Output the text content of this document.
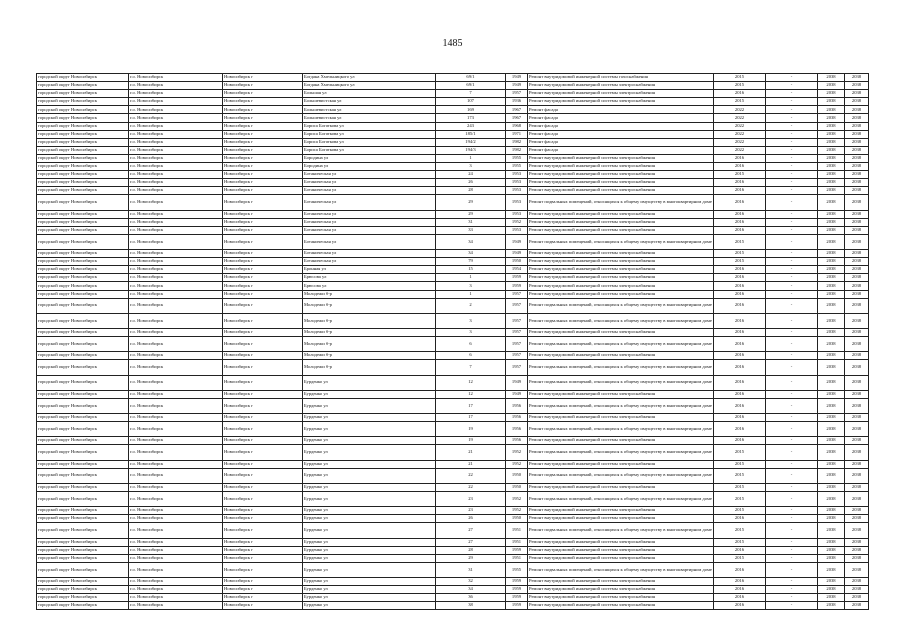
1485
городской округ Новосибирск	г.о. Новосибирск	Новосибирск г	Богдана Хмельницкого ул	69/1	1949	Ремонт внутридомовой инженерной системы газоснабжения	2015	-	2038	2038
городской округ Новосибирск	г.о. Новосибирск	Новосибирск г	Богдана Хмельницкого ул	69/1	1949	Ремонт внутридомовой инженерной системы электроснабжения	2015	-	2038	2038
городской округ Новосибирск	г.о. Новосибирск	Новосибирск г	Большая ул	7	1957	Ремонт внутридомовой инженерной системы электроснабжения	2016	-	2038	2038
городской округ Новосибирск	г.о. Новосибирск	Новосибирск г	Большевистская ул	107	1936	Ремонт внутридомовой инженерной системы электроснабжения	2015	-	2038	2038
городской округ Новосибирск	г.о. Новосибирск	Новосибирск г	Большевистская ул	169	1967	Ремонт фасада	2022	-	2038	2038
городской округ Новосибирск	г.о. Новосибирск	Новосибирск г	Большевистская ул	173	1967	Ремонт фасада	2022	-	2038	2038
городской округ Новосибирск	г.о. Новосибирск	Новосибирск г	Бориса Богаткова ул	243	1968	Ремонт фасада	2022	-	2038	2038
городской округ Новосибирск	г.о. Новосибирск	Новосибирск г	Бориса Богаткова ул	185/1	1971	Ремонт фасада	2022	-	2038	2038
городской округ Новосибирск	г.о. Новосибирск	Новосибирск г	Бориса Богаткова ул	194/2	1982	Ремонт фасада	2022	-	2038	2038
городской округ Новосибирск	г.о. Новосибирск	Новосибирск г	Бориса Богаткова ул	194/3	1982	Ремонт фасада	2022	-	2038	2038
городской округ Новосибирск	г.о. Новосибирск	Новосибирск г	Бородина ул	1	1955	Ремонт внутридомовой инженерной системы электроснабжения	2016	-	2038	2038
городской округ Новосибирск	г.о. Новосибирск	Новосибирск г	Бородина ул	3	1955	Ремонт внутридомовой инженерной системы электроснабжения	2016	-	2038	2038
городской округ Новосибирск	г.о. Новосибирск	Новосибирск г	Ботаническая ул	24	1953	Ремонт внутридомовой инженерной системы электроснабжения	2015	-	2038	2038
городской округ Новосибирск	г.о. Новосибирск	Новосибирск г	Ботаническая ул	26	1953	Ремонт внутридомовой инженерной системы электроснабжения	2016	-	2038	2038
городской округ Новосибирск	г.о. Новосибирск	Новосибирск г	Ботаническая ул	28	1953	Ремонт внутридомовой инженерной системы электроснабжения	2016	-	2038	2038
городской округ Новосибирск	г.о. Новосибирск	Новосибирск г	Ботаническая ул	29	1953	Ремонт подвальных помещений, относящихся к общему имуществу в многоквартирном доме	2016	-	2038	2038
городской округ Новосибирск	г.о. Новосибирск	Новосибирск г	Ботаническая ул	29	1953	Ремонт внутридомовой инженерной системы электроснабжения	2016	-	2038	2038
городской округ Новосибирск	г.о. Новосибирск	Новосибирск г	Ботаническая ул	31	1952	Ремонт внутридомовой инженерной системы электроснабжения	2016	-	2038	2038
городской округ Новосибирск	г.о. Новосибирск	Новосибирск г	Ботаническая ул	33	1953	Ремонт внутридомовой инженерной системы электроснабжения	2016	-	2038	2038
городской округ Новосибирск	г.о. Новосибирск	Новосибирск г	Ботаническая ул	34	1949	Ремонт подвальных помещений, относящихся к общему имуществу в многоквартирном доме	2015	-	2038	2038
городской округ Новосибирск	г.о. Новосибирск	Новосибирск г	Ботаническая ул	34	1949	Ремонт внутридомовой инженерной системы электроснабжения	2015	-	2038	2038
городской округ Новосибирск	г.о. Новосибирск	Новосибирск г	Ботаническая ул	79	1950	Ремонт внутридомовой инженерной системы электроснабжения	2015	-	2038	2038
городской округ Новосибирск	г.о. Новосибирск	Новосибирск г	Бронная ул	15	1954	Ремонт внутридомовой инженерной системы электроснабжения	2016	-	2038	2038
городской округ Новосибирск	г.о. Новосибирск	Новосибирск г	Брюсова ул	1	1959	Ремонт внутридомовой инженерной системы электроснабжения	2016	-	2038	2038
городской округ Новосибирск	г.о. Новосибирск	Новосибирск г	Брюсова ул	3	1959	Ремонт внутридомовой инженерной системы электроснабжения	2016	-	2038	2038
городской округ Новосибирск	г.о. Новосибирск	Новосибирск г	Молодежи б-р	1	1957	Ремонт внутридомовой инженерной системы электроснабжения	2016	-	2038	2038
городской округ Новосибирск	г.о. Новосибирск	Новосибирск г	Молодежи б-р	2	1957	Ремонт подвальных помещений, относящихся к общему имуществу в многоквартирном доме	2016	-	2038	2038
городской округ Новосибирск	г.о. Новосибирск	Новосибирск г	Молодежи б-р	3	1957	Ремонт подвальных помещений, относящихся к общему имуществу в многоквартирном доме	2016	-	2038	2038
городской округ Новосибирск	г.о. Новосибирск	Новосибирск г	Молодежи б-р	3	1957	Ремонт внутридомовой инженерной системы электроснабжения	2016	-	2038	2038
городской округ Новосибирск	г.о. Новосибирск	Новосибирск г	Молодежи б-р	6	1957	Ремонт подвальных помещений, относящихся к общему имуществу в многоквартирном доме	2016	-	2038	2038
городской округ Новосибирск	г.о. Новосибирск	Новосибирск г	Молодежи б-р	6	1957	Ремонт внутридомовой инженерной системы электроснабжения	2016	-	2038	2038
городской округ Новосибирск	г.о. Новосибирск	Новосибирск г	Молодежи б-р	7	1957	Ремонт подвальных помещений, относящихся к общему имуществу в многоквартирном доме	2016	-	2038	2038
городской округ Новосибирск	г.о. Новосибирск	Новосибирск г	Бурденко ул	12	1949	Ремонт подвальных помещений, относящихся к общему имуществу в многоквартирном доме	2016	-	2038	2038
городской округ Новосибирск	г.о. Новосибирск	Новосибирск г	Бурденко ул	12	1949	Ремонт внутридомовой инженерной системы электроснабжения	2016	-	2038	2038
городской округ Новосибирск	г.о. Новосибирск	Новосибирск г	Бурденко ул	17	1956	Ремонт подвальных помещений, относящихся к общему имуществу в многоквартирном доме	2016	-	2038	2038
городской округ Новосибирск	г.о. Новосибирск	Новосибирск г	Бурденко ул	17	1956	Ремонт внутридомовой инженерной системы электроснабжения	2016	-	2038	2038
городской округ Новосибирск	г.о. Новосибирск	Новосибирск г	Бурденко ул	19	1956	Ремонт подвальных помещений, относящихся к общему имуществу в многоквартирном доме	2016	-	2038	2038
городской округ Новосибирск	г.о. Новосибирск	Новосибирск г	Бурденко ул	19	1956	Ремонт внутридомовой инженерной системы электроснабжения	2016	-	2038	2038
городской округ Новосибирск	г.о. Новосибирск	Новосибирск г	Бурденко ул	21	1952	Ремонт подвальных помещений, относящихся к общему имуществу в многоквартирном доме	2015	-	2038	2038
городской округ Новосибирск	г.о. Новосибирск	Новосибирск г	Бурденко ул	21	1952	Ремонт внутридомовой инженерной системы электроснабжения	2015	-	2038	2038
городской округ Новосибирск	г.о. Новосибирск	Новосибирск г	Бурденко ул	22	1950	Ремонт подвальных помещений, относящихся к общему имуществу в многоквартирном доме	2015	-	2038	2038
городской округ Новосибирск	г.о. Новосибирск	Новосибирск г	Бурденко ул	22	1950	Ремонт внутридомовой инженерной системы электроснабжения	2015	-	2038	2038
городской округ Новосибирск	г.о. Новосибирск	Новосибирск г	Бурденко ул	23	1952	Ремонт подвальных помещений, относящихся к общему имуществу в многоквартирном доме	2015	-	2038	2038
городской округ Новосибирск	г.о. Новосибирск	Новосибирск г	Бурденко ул	23	1952	Ремонт внутридомовой инженерной системы электроснабжения	2015	-	2038	2038
городской округ Новосибирск	г.о. Новосибирск	Новосибирск г	Бурденко ул	26	1950	Ремонт внутридомовой инженерной системы электроснабжения	2016	-	2038	2038
городской округ Новосибирск	г.о. Новосибирск	Новосибирск г	Бурденко ул	27	1951	Ремонт подвальных помещений, относящихся к общему имуществу в многоквартирном доме	2015	-	2038	2038
городской округ Новосибирск	г.о. Новосибирск	Новосибирск г	Бурденко ул	27	1951	Ремонт внутридомовой инженерной системы электроснабжения	2015	-	2038	2038
городской округ Новосибирск	г.о. Новосибирск	Новосибирск г	Бурденко ул	28	1959	Ремонт внутридомовой инженерной системы электроснабжения	2016	-	2038	2038
городской округ Новосибирск	г.о. Новосибирск	Новосибирск г	Бурденко ул	29	1951	Ремонт внутридомовой инженерной системы электроснабжения	2015	-	2038	2038
городской округ Новосибирск	г.о. Новосибирск	Новосибирск г	Бурденко ул	31	1955	Ремонт подвальных помещений, относящихся к общему имуществу в многоквартирном доме	2016	-	2038	2038
городской округ Новосибирск	г.о. Новосибирск	Новосибирск г	Бурденко ул	32	1959	Ремонт внутридомовой инженерной системы электроснабжения	2016	-	2038	2038
городской округ Новосибирск	г.о. Новосибирск	Новосибирск г	Бурденко ул	34	1959	Ремонт внутридомовой инженерной системы электроснабжения	2016	-	2038	2038
городской округ Новосибирск	г.о. Новосибирск	Новосибирск г	Бурденко ул	36	1959	Ремонт внутридомовой инженерной системы электроснабжения	2016	-	2038	2038
городской округ Новосибирск	г.о. Новосибирск	Новосибирск г	Бурденко ул	38	1959	Ремонт внутридомовой инженерной системы электроснабжения	2016	-	2038	2038
